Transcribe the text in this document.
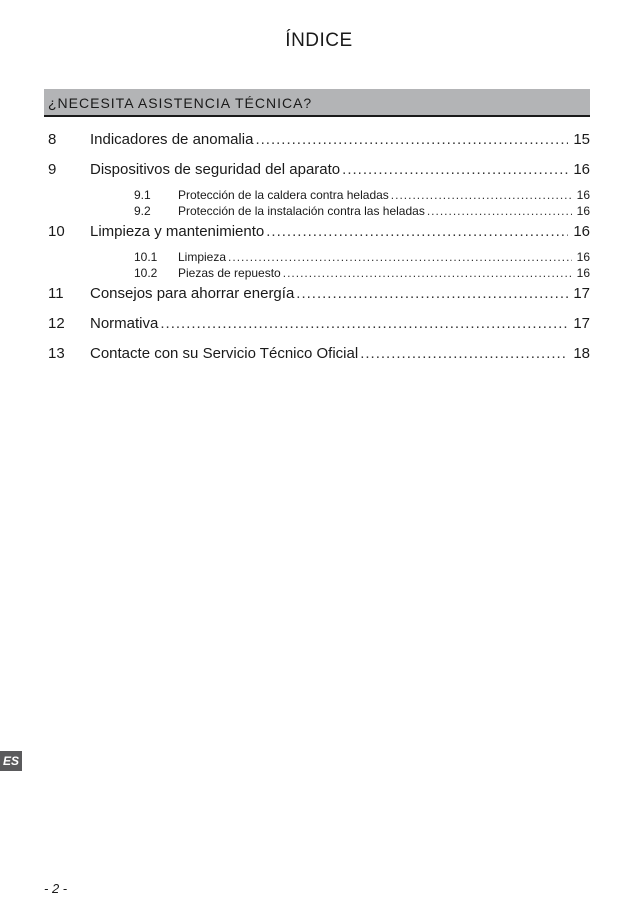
ÍNDICE
¿NECESITA ASISTENCIA TÉCNICA?
8	Indicadores de anomalia .....	15
9	Dispositivos de seguridad del aparato .....	16
9.1	Protección de la caldera contra heladas .....	16
9.2	Protección de la instalación contra las heladas .....	16
10	Limpieza y mantenimiento .....	16
10.1	Limpieza .....	16
10.2	Piezas de repuesto .....	16
11	Consejos para ahorrar energía .....	17
12	Normativa .....	17
13	Contacte con su Servicio Técnico Oficial .....	18
ES
- 2 -
